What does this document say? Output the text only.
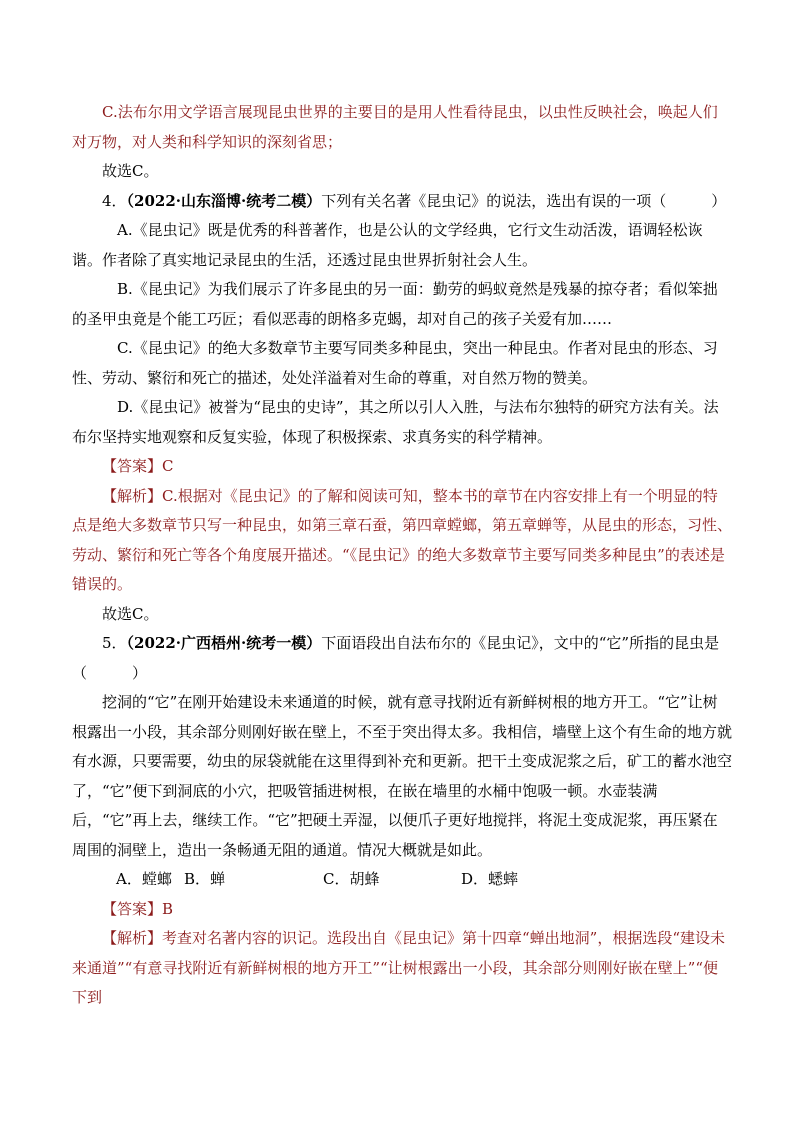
C.法布尔用文学语言展现昆虫世界的主要目的是用人性看待昆虫，以虫性反映社会，唤起人们对万物，对人类和科学知识的深刻省思；

故选C。

4．（2022·山东淄博·统考二模）下列有关名著《昆虫记》的说法，选出有误的一项（　　　）

A.《昆虫记》既是优秀的科普著作，也是公认的文学经典，它行文生动活泼，语调轻松诙谐。作者除了真实地记录昆虫的生活，还透过昆虫世界折射社会人生。

B.《昆虫记》为我们展示了许多昆虫的另一面：勤劳的蚂蚁竟然是残暴的掠夺者；看似笨拙的圣甲虫竟是个能工巧匠；看似恶毒的朗格多克蝎，却对自己的孩子关爱有加……

C.《昆虫记》的绝大多数章节主要写同类多种昆虫，突出一种昆虫。作者对昆虫的形态、习性、劳动、繁衍和死亡的描述，处处洋溢着对生命的尊重，对自然万物的赞美。

D.《昆虫记》被誉为“昆虫的史诗”，其之所以引人入胜，与法布尔独特的研究方法有关。法布尔坚持实地观察和反复实验，体现了积极探索、求真务实的科学精神。

【答案】C

【解析】C.根据对《昆虫记》的了解和阅读可知，整本书的章节在内容安排上有一个明显的特点是绝大多数章节只写一种昆虫，如第三章石蚕，第四章螳螂，第五章蝉等，从昆虫的形态，习性、劳动、繁衍和死亡等各个角度展开描述。“《昆虫记》的绝大多数章节主要写同类多种昆虫”的表述是错误的。

故选C。

5．（2022·广西梧州·统考一模）下面语段出自法布尔的《昆虫记》，文中的“它”所指的昆虫是（　　　）

挖洞的“它”在刚开始建设未来通道的时候，就有意寻找附近有新鲜树根的地方开工。“它”让树根露出一小段，其余部分则刚好嵌在壁上，不至于突出得太多。我相信，墙壁上这个有生命的地方就有水源，只要需要，幼虫的尿袋就能在这里得到补充和更新。把干土变成泥浆之后，矿工的蓄水池空了，“它”便下到洞底的小穴，把吸管插进树根，在嵌在墙里的水桶中饱吸一顿。水壶装满后，“它”再上去，继续工作。“它”把硬土弄湿，以便爪子更好地搅拌，将泥土变成泥浆，再压紧在周围的洞壁上，造出一条畅通无阻的通道。情况大概就是如此。

A．螳螂 B．蝉	C．胡蜂	D．蟋蟀

【答案】B

【解析】考查对名著内容的识记。选段出自《昆虫记》第十四章“蝉出地洞”，根据选段“建设未来通道”“有意寻找附近有新鲜树根的地方开工”“让树根露出一小段，其余部分则刚好嵌在壁上”“便下到
